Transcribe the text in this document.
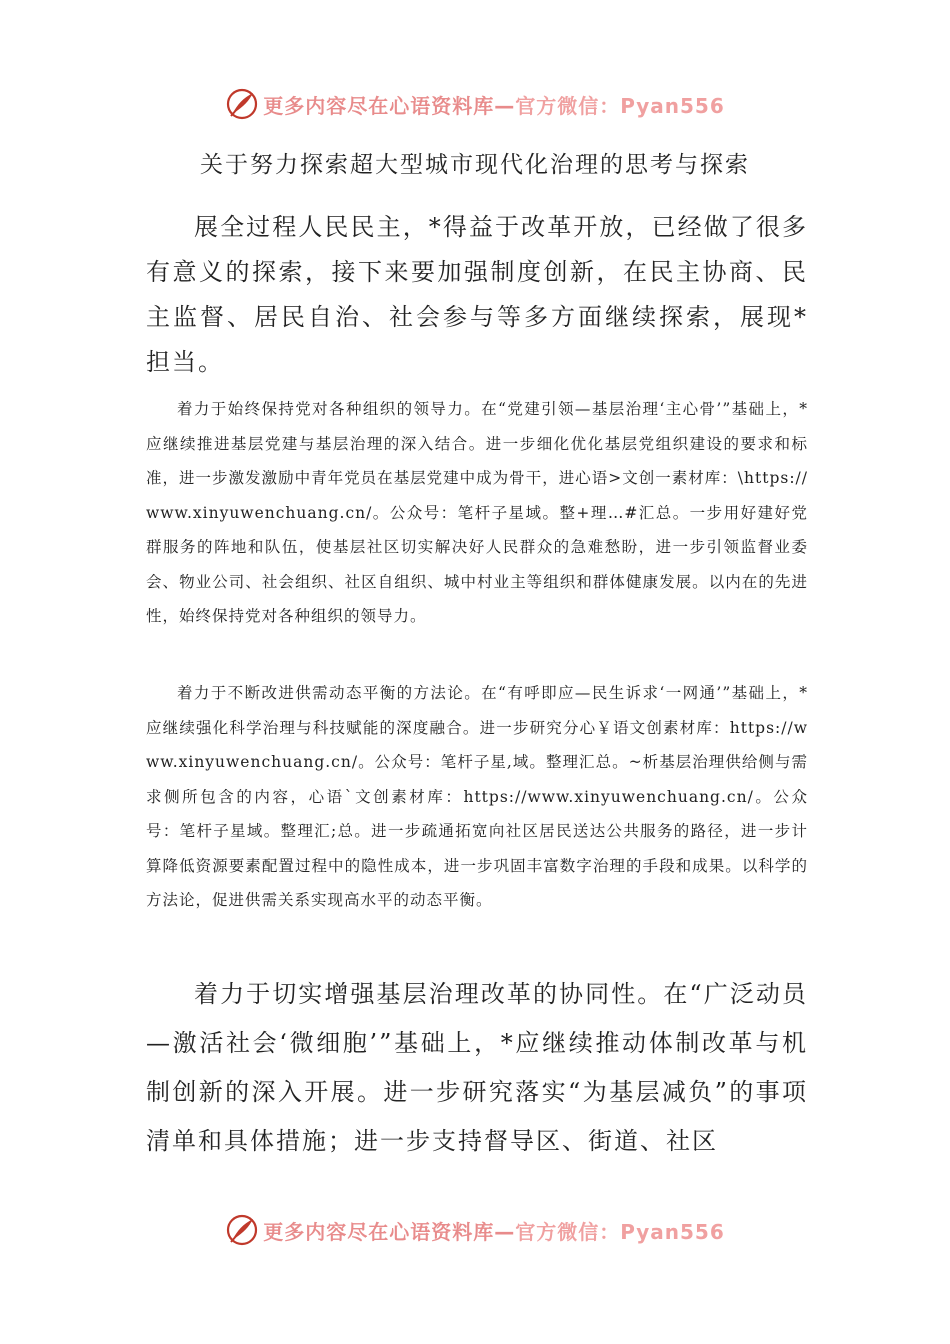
更多内容尽在心语资料库—官方微信：Pyan556
关于努力探索超大型城市现代化治理的思考与探索
展全过程人民民主，*得益于改革开放，已经做了很多有意义的探索，接下来要加强制度创新，在民主协商、民主监督、居民自治、社会参与等多方面继续探索，展现*担当。
着力于始终保持党对各种组织的领导力。在“党建引领—基层治理‘主心骨’”基础上，*应继续推进基层党建与基层治理的深入结合。进一步细化优化基层党组织建设的要求和标准，进一步激发激励中青年党员在基层党建中成为骨干，进心语>文创一素材库：\https://www.xinyuwenchuang.cn/。公众号：笔杆子星域。整+理…#汇总。一步用好建好党群服务的阵地和队伍，使基层社区切实解决好人民群众的急难愁盼，进一步引领监督业委会、物业公司、社会组织、社区自组织、城中村业主等组织和群体健康发展。以内在的先进性，始终保持党对各种组织的领导力。
着力于不断改进供需动态平衡的方法论。在“有呼即应—民生诉求‘一网通’”基础上，*应继续强化科学治理与科技赋能的深度融合。进一步研究分心￥语文创素材库：https://www.xinyuwenchuang.cn/。公众号：笔杆子星,域。整理汇总。~析基层治理供给侧与需求侧所包含的内容，心语`文创素材库：https://www.xinyuwenchuang.cn/。公众号：笔杆子星域。整理汇;总。进一步疏通拓宽向社区居民送达公共服务的路径，进一步计算降低资源要素配置过程中的隐性成本，进一步巩固丰富数字治理的手段和成果。以科学的方法论，促进供需关系实现高水平的动态平衡。
着力于切实增强基层治理改革的协同性。在“广泛动员—激活社会‘微细胞’”基础上，*应继续推动体制改革与机制创新的深入开展。进一步研究落实“为基层减负”的事项清单和具体措施；进一步支持督导区、街道、社区
更多内容尽在心语资料库—官方微信：Pyan556
